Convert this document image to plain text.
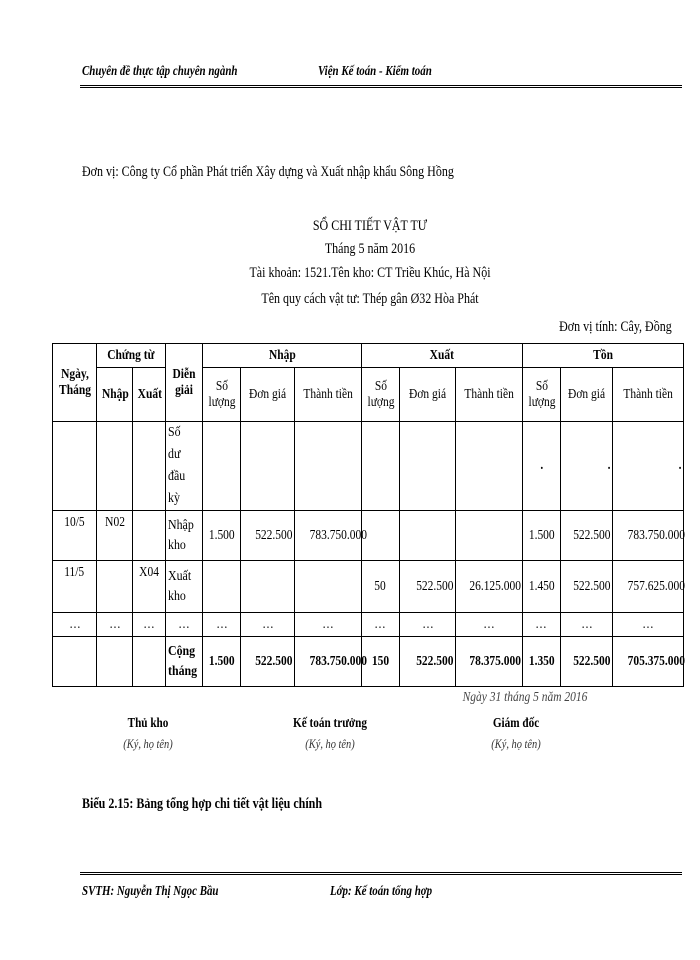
Chuyên đề thực tập chuyên ngành	Viện Kế toán - Kiểm toán
Đơn vị: Công ty Cổ phần Phát triển Xây dựng và Xuất nhập khẩu Sông Hồng
SỔ CHI TIẾT VẬT TƯ
Tháng 5 năm 2016
Tài khoản: 1521.Tên kho: CT Triều Khúc, Hà Nội
Tên quy cách vật tư: Thép gân Ø32 Hòa Phát
Đơn vị tính: Cây, Đồng
Ngày, Tháng	Chứng từ		Diễn giải	Nhập			Xuất			Tồn		
	Nhập	Xuất		Số lượng	Đơn giá	Thành tiền	Số lượng	Đơn giá	Thành tiền	Số lượng	Đơn giá	Thành tiền

			Số dư đầu kỳ							.	.	.
10/5	N02		Nhập kho	1.500	522.500	783.750.000				1.500	522.500	783.750.000
11/5		X04	Xuất kho				50	522.500	26.125.000	1.450	522.500	757.625.000
…	…	…	…	…	…	…	…	…	…	…	…	…

			Cộng tháng	1.500	522.500	783.750.000	150	522.500	78.375.000	1.350	522.500	705.375.000
Ngày 31 tháng 5 năm 2016
Thủ kho
(Ký, họ tên)
Kế toán trưởng
(Ký, họ tên)
Giám đốc
(Ký, họ tên)
Biểu 2.15: Bảng tổng hợp chi tiết vật liệu chính
SVTH: Nguyễn Thị Ngọc Bầu	Lớp: Kế toán tổng hợp
